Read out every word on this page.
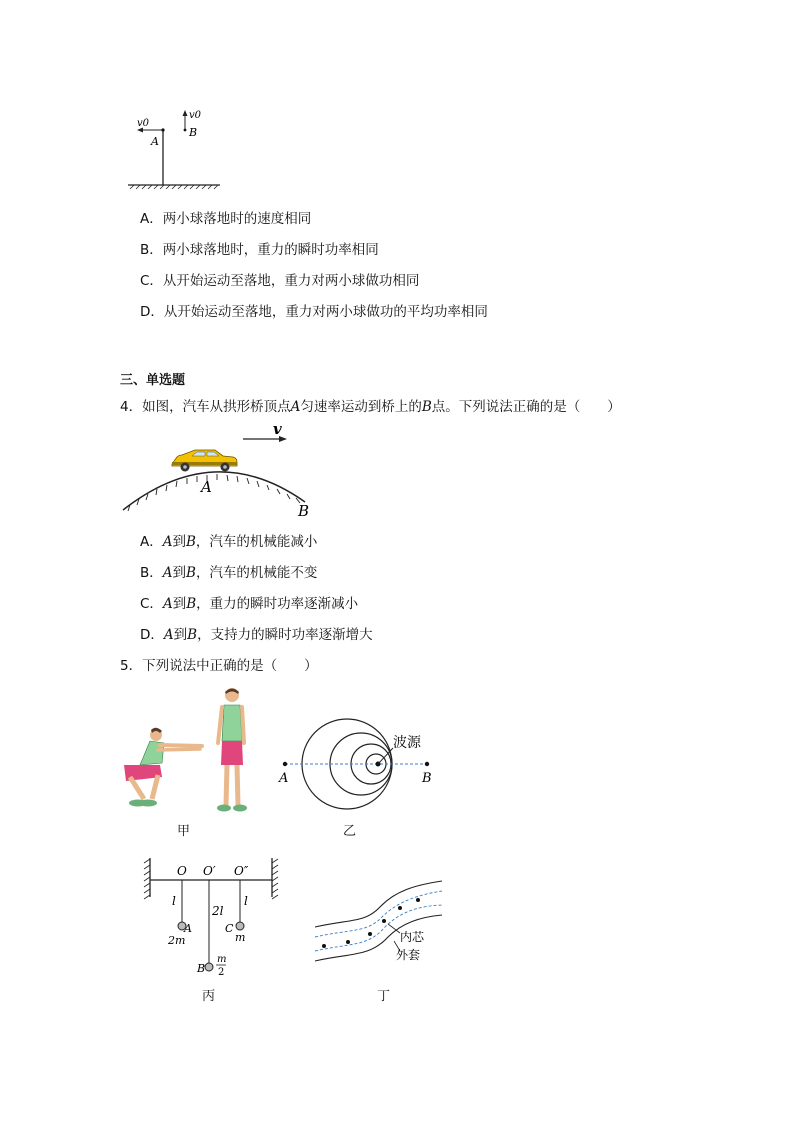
v0
v0
A
B
A．两小球落地时的速度相同
B．两小球落地时，重力的瞬时功率相同
C．从开始运动至落地，重力对两小球做功相同
D．从开始运动至落地，重力对两小球做功的平均功率相同
三、单选题
4．如图，汽车从拱形桥顶点A匀速率运动到桥上的B点。下列说法正确的是（　　）
v
A
B
A．A到B，汽车的机械能减小
B．A到B，汽车的机械能不变
C．A到B，重力的瞬时功率逐渐减小
D．A到B，支持力的瞬时功率逐渐增大
5．下列说法中正确的是（　　）
甲
波源
A	B
乙
O O′ O″
l
2l
l
A
2m
C
m
B
m
2
丙
内芯
外套
丁
